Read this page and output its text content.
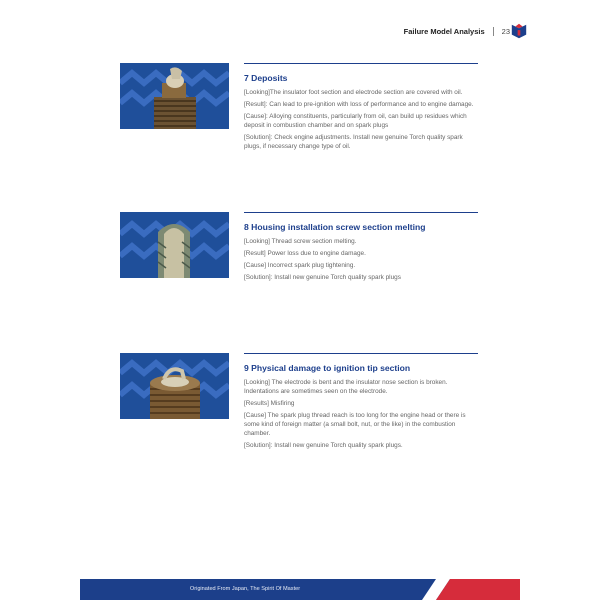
Failure Model Analysis 23
7 Deposits

[Looking]The insulator foot section and electrode section are covered with oil.

[Result]: Can lead to pre-ignition with loss of performance and to engine damage.

[Cause]: Alloying constituents, particularly from oil, can build up residues which deposit in combustion chamber and on spark plugs

[Solution]: Check engine adjustments. Install new genuine Torch quality spark plugs, if necessary change type of oil.

8 Housing installation screw section melting

[Looking] Thread screw section melting.

[Result] Power loss due to engine damage.

[Cause] Incorrect spark plug tightening.

[Solution]: Install new genuine Torch quality spark plugs

9 Physical damage to ignition tip section

[Looking] The electrode is bent and the insulator nose section is broken. Indentations are sometimes seen on the electrode.

[Results] Misfiring

[Cause] The spark plug thread reach is too long for the engine head or there is some kind of foreign matter (a small bolt, nut, or the like) in the combustion chamber.

[Solution]: Install new genuine Torch quality spark plugs.

Originated From Japan, The Spirit Of Master
